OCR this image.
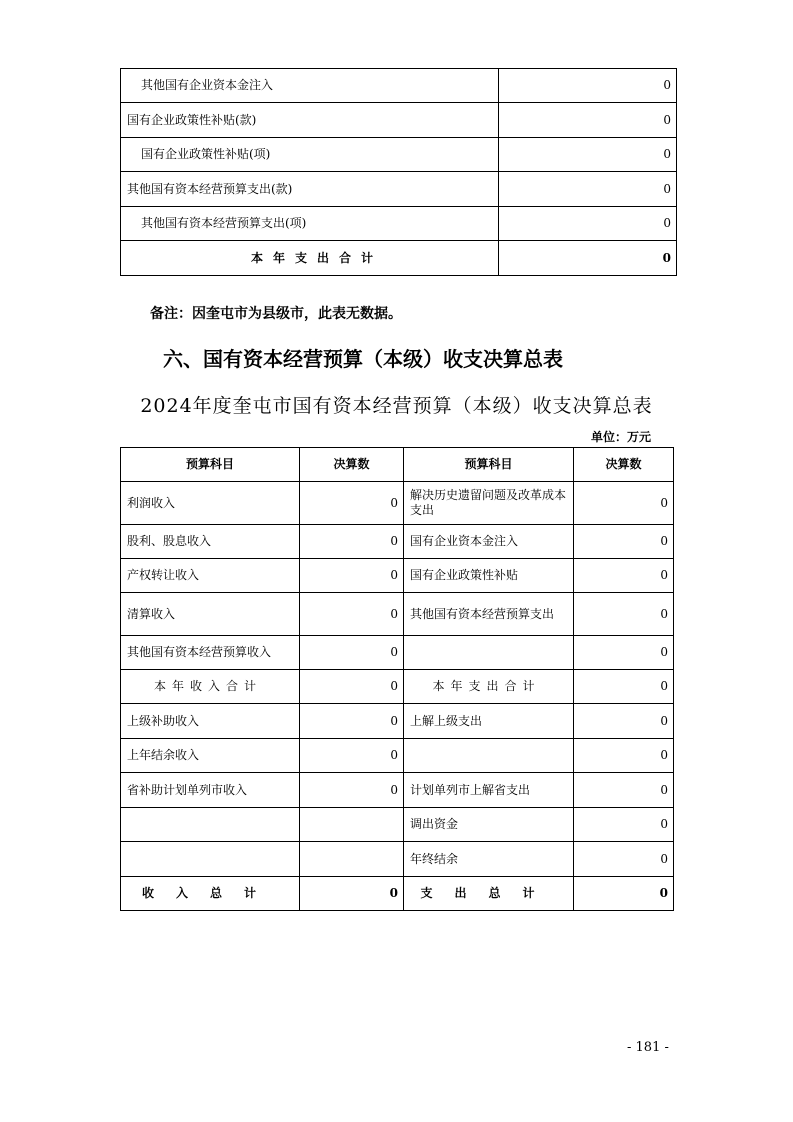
其他国有企业资本金注入	0
国有企业政策性补贴(款)	0
国有企业政策性补贴(项)	0
其他国有资本经营预算支出(款)	0
其他国有资本经营预算支出(项)	0
本年支出合计	0
备注：因奎屯市为县级市，此表无数据。
六、国有资本经营预算（本级）收支决算总表
2024年度奎屯市国有资本经营预算（本级）收支决算总表
单位：万元
预算科目	决算数	预算科目	决算数
利润收入	0	解决历史遗留问题及改革成本支出	0
股利、股息收入	0	国有企业资本金注入	0
产权转让收入	0	国有企业政策性补贴	0
清算收入	0	其他国有资本经营预算支出	0
其他国有资本经营预算收入	0		0
本年收入合计	0	本年支出合计	0
上级补助收入	0	上解上级支出	0
上年结余收入	0		0
省补助计划单列市收入	0	计划单列市上解省支出	0
		调出资金	0
		年终结余	0
收入总计	0	支出总计	0
- 181 -
